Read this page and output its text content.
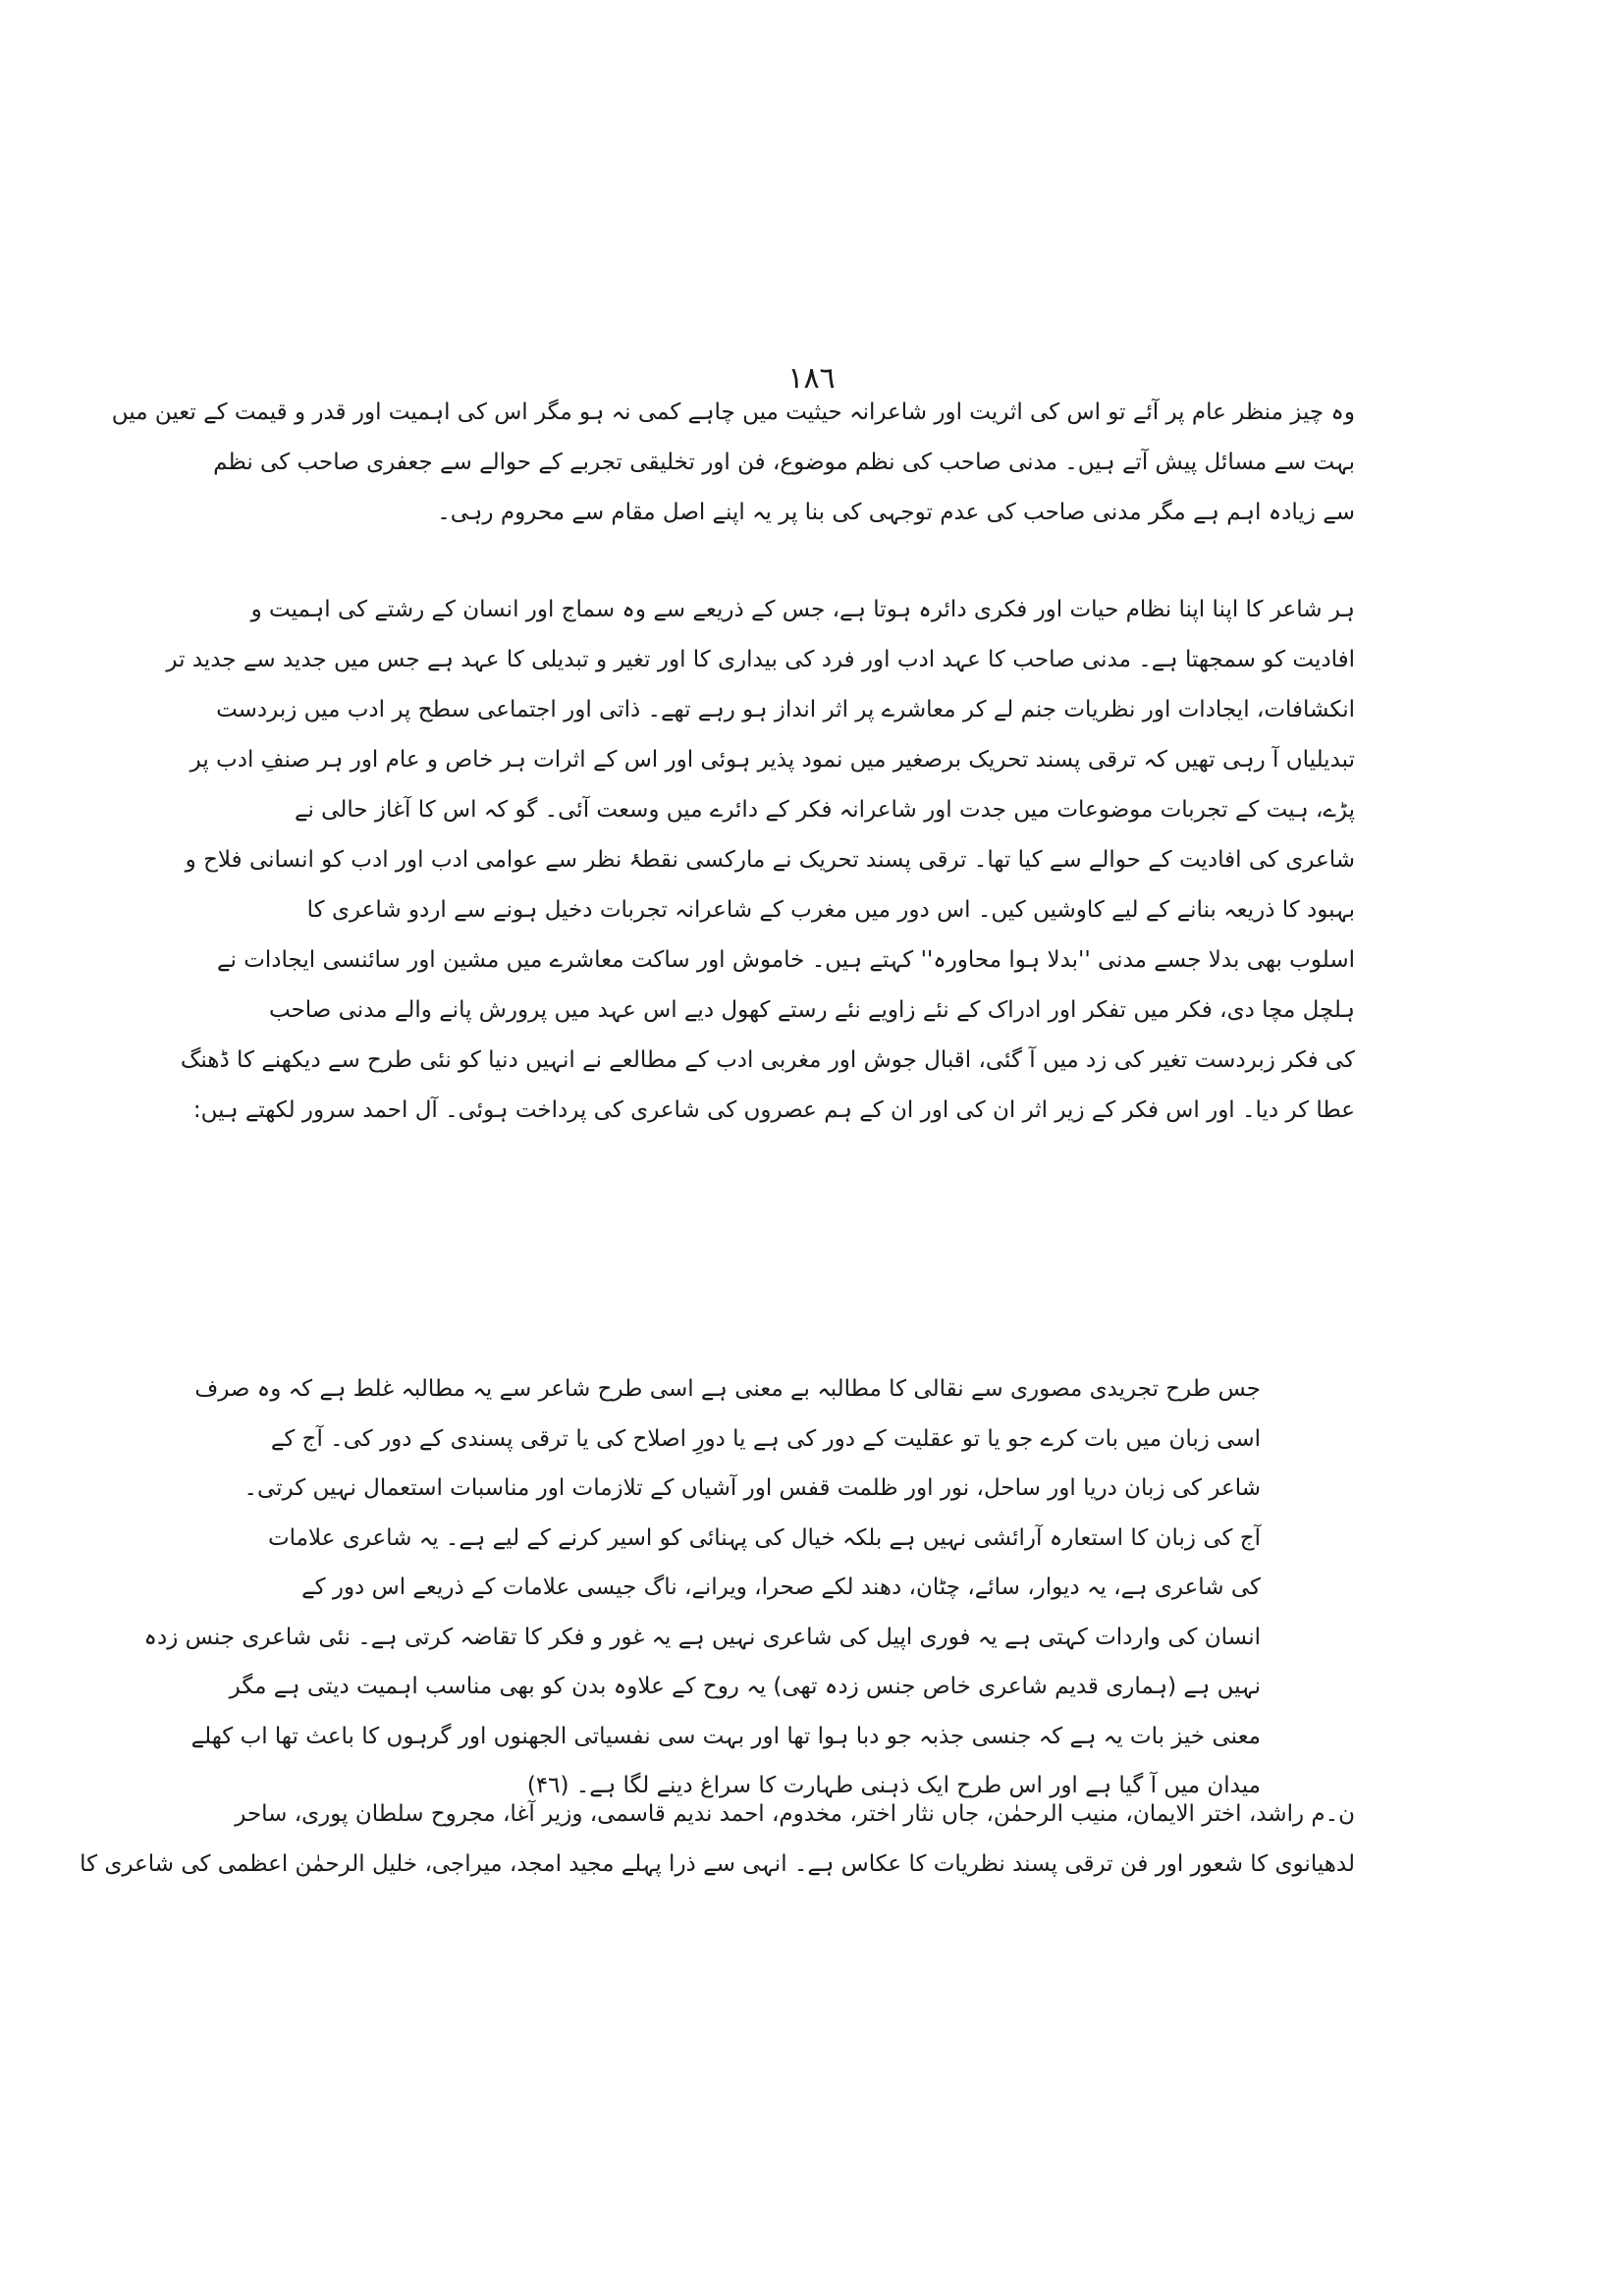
۱۸٦
وہ چیز منظر عام پر آئے تو اس کی اثریت اور شاعرانہ حیثیت میں چاہے کمی نہ ہو مگر اس کی اہمیت اور قدر و قیمت کے تعین میں
بہت سے مسائل پیش آتے ہیں۔ مدنی صاحب کی نظم موضوع، فن اور تخلیقی تجربے کے حوالے سے جعفری صاحب کی نظم
سے زیادہ اہم ہے مگر مدنی صاحب کی عدم توجہی کی بنا پر یہ اپنے اصل مقام سے محروم رہی۔
ہر شاعر کا اپنا اپنا نظام حیات اور فکری دائرہ ہوتا ہے، جس کے ذریعے سے وہ سماج اور انسان کے رشتے کی اہمیت و
افادیت کو سمجھتا ہے۔ مدنی صاحب کا عہد ادب اور فرد کی بیداری کا اور تغیر و تبدیلی کا عہد ہے جس میں جدید سے جدید تر
انکشافات، ایجادات اور نظریات جنم لے کر معاشرے پر اثر انداز ہو رہے تھے۔ ذاتی اور اجتماعی سطح پر ادب میں زبردست
تبدیلیاں آ رہی تھیں کہ ترقی پسند تحریک برصغیر میں نمود پذیر ہوئی اور اس کے اثرات ہر خاص و عام اور ہر صنفِ ادب پر
پڑے، ہیت کے تجربات موضوعات میں جدت اور شاعرانہ فکر کے دائرے میں وسعت آئی۔ گو کہ اس کا آغاز حالی نے
شاعری کی افادیت کے حوالے سے کیا تھا۔ ترقی پسند تحریک نے مارکسی نقطۂ نظر سے عوامی ادب اور ادب کو انسانی فلاح و
بہبود کا ذریعہ بنانے کے لیے کاوشیں کیں۔ اس دور میں مغرب کے شاعرانہ تجربات دخیل ہونے سے اردو شاعری کا
اسلوب بھی بدلا جسے مدنی ''بدلا ہوا محاورہ'' کہتے ہیں۔ خاموش اور ساکت معاشرے میں مشین اور سائنسی ایجادات نے
ہلچل مچا دی، فکر میں تفکر اور ادراک کے نئے زاویے نئے رستے کھول دیے اس عہد میں پرورش پانے والے مدنی صاحب
کی فکر زبردست تغیر کی زد میں آ گئی، اقبال جوش اور مغربی ادب کے مطالعے نے انہیں دنیا کو نئی طرح سے دیکھنے کا ڈھنگ
عطا کر دیا۔ اور اس فکر کے زیر اثر ان کی اور ان کے ہم عصروں کی شاعری کی پرداخت ہوئی۔ آل احمد سرور لکھتے ہیں:
جس طرح تجریدی مصوری سے نقالی کا مطالبہ بے معنی ہے اسی طرح شاعر سے یہ مطالبہ غلط ہے کہ وہ صرف
اسی زبان میں بات کرے جو یا تو عقلیت کے دور کی ہے یا دورِ اصلاح کی یا ترقی پسندی کے دور کی۔ آج کے
شاعر کی زبان دریا اور ساحل، نور اور ظلمت قفس اور آشیاں کے تلازمات اور مناسبات استعمال نہیں کرتی۔
آج کی زبان کا استعارہ آرائشی نہیں ہے بلکہ خیال کی پہنائی کو اسیر کرنے کے لیے ہے۔ یہ شاعری علامات
کی شاعری ہے، یہ دیوار، سائے، چٹان، دھند لکے صحرا، ویرانے، ناگ جیسی علامات کے ذریعے اس دور کے
انسان کی واردات کہتی ہے یہ فوری اپیل کی شاعری نہیں ہے یہ غور و فکر کا تقاضہ کرتی ہے۔ نئی شاعری جنس زدہ
نہیں ہے (ہماری قدیم شاعری خاص جنس زدہ تھی) یہ روح کے علاوہ بدن کو بھی مناسب اہمیت دیتی ہے مگر
معنی خیز بات یہ ہے کہ جنسی جذبہ جو دبا ہوا تھا اور بہت سی نفسیاتی الجھنوں اور گرہوں کا باعث تھا اب کھلے
میدان میں آ گیا ہے اور اس طرح ایک ذہنی طہارت کا سراغ دینے لگا ہے۔ (۴٦)
ن۔م راشد، اختر الایمان، منیب الرحمٰن، جاں نثار اختر، مخدوم، احمد ندیم قاسمی، وزیر آغا، مجروح سلطان پوری، ساحر
لدھیانوی کا شعور اور فن ترقی پسند نظریات کا عکاس ہے۔ انہی سے ذرا پہلے مجید امجد، میراجی، خلیل الرحمٰن اعظمی کی شاعری کا
